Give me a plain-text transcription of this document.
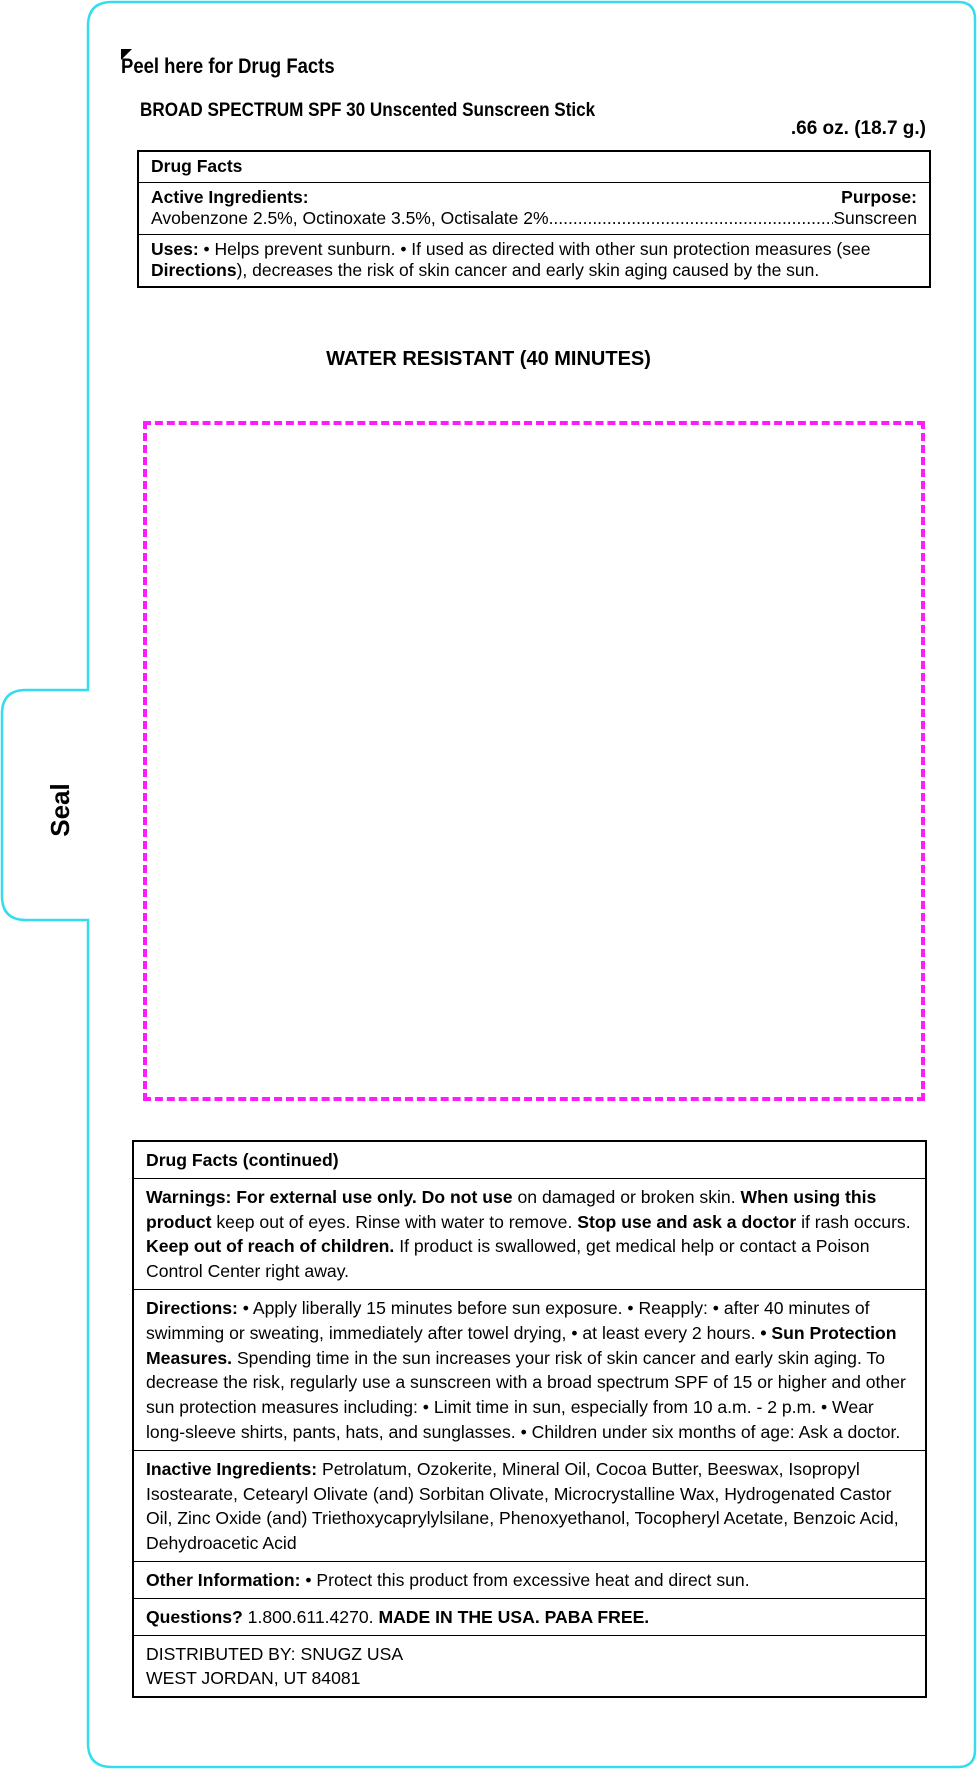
Seal
Peel here for Drug Facts
BROAD SPECTRUM SPF 30 Unscented Sunscreen Stick
.66 oz. (18.7 g.)
Drug Facts
Active Ingredients:	Purpose:
Avobenzone 2.5%, Octinoxate 3.5%, Octisalate 2%
.....	Sunscreen
Uses: • Helps prevent sunburn. • If used as directed with other sun protection measures (see Directions), decreases the risk of skin cancer and early skin aging caused by the sun.
WATER RESISTANT (40 MINUTES)
Drug Facts (continued)
Warnings: For external use only. Do not use on damaged or broken skin. When using this product keep out of eyes. Rinse with water to remove. Stop use and ask a doctor if rash occurs. Keep out of reach of children. If product is swallowed, get medical help or contact a Poison Control Center right away.
Directions: • Apply liberally 15 minutes before sun exposure. • Reapply: • after 40 minutes of swimming or sweating, immediately after towel drying, • at least every 2 hours. • Sun Protection Measures. Spending time in the sun increases your risk of skin cancer and early skin aging. To decrease the risk, regularly use a sunscreen with a broad spectrum SPF of 15 or higher and other sun protection measures including: • Limit time in sun, especially from 10 a.m. - 2 p.m. • Wear long-sleeve shirts, pants, hats, and sunglasses. • Children under six months of age: Ask a doctor.
Inactive Ingredients: Petrolatum, Ozokerite, Mineral Oil, Cocoa Butter, Beeswax, Isopropyl Isostearate, Cetearyl Olivate (and) Sorbitan Olivate, Microcrystalline Wax, Hydrogenated Castor Oil, Zinc Oxide (and) Triethoxycaprylylsilane, Phenoxyethanol, Tocopheryl Acetate, Benzoic Acid, Dehydroacetic Acid
Other Information: • Protect this product from excessive heat and direct sun.
Questions? 1.800.611.4270. MADE IN THE USA. PABA FREE.
DISTRIBUTED BY: SNUGZ USA
WEST JORDAN, UT 84081
